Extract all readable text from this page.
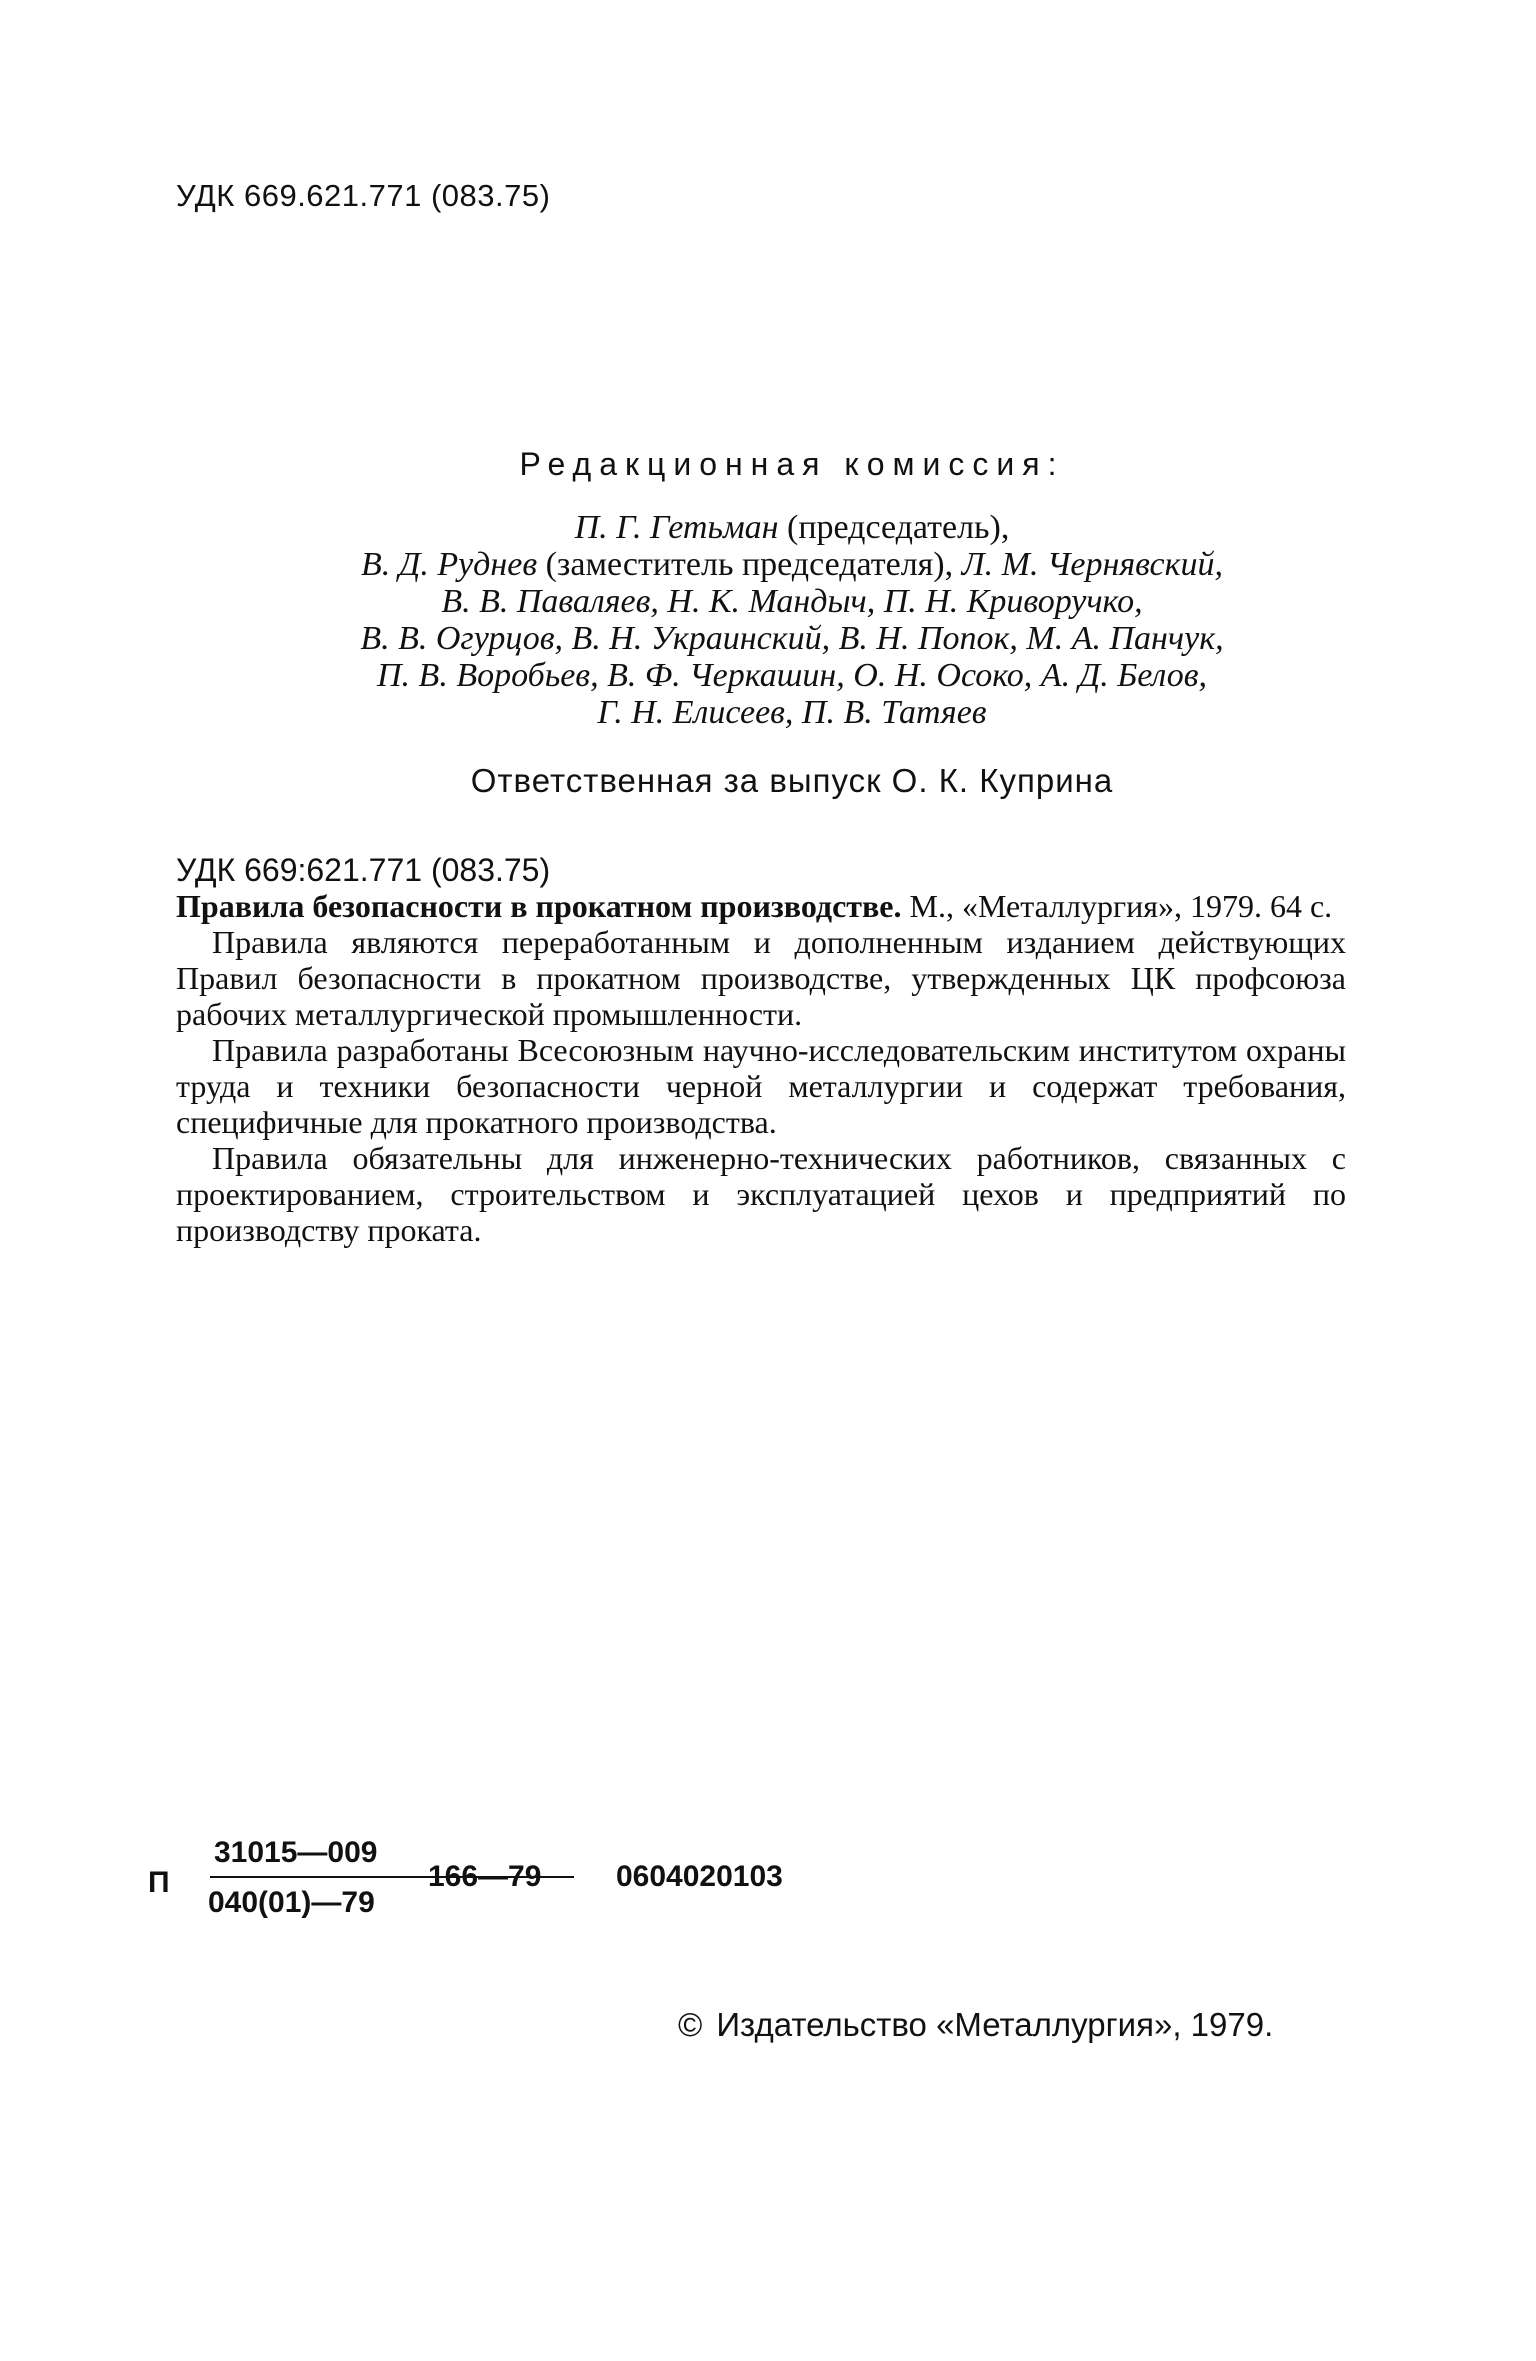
УДК 669.621.771 (083.75)
Редакционная комиссия:
П. Г. Гетьман (председатель),
В. Д. Руднев (заместитель председателя), Л. М. Чернявский,
В. В. Паваляев, Н. К. Мандыч, П. Н. Криворучко,
В. В. Огурцов, В. Н. Украинский, В. Н. Попок, М. А. Панчук,
П. В. Воробьев, В. Ф. Черкашин, О. Н. Осоко, А. Д. Белов,
Г. Н. Елисеев, П. В. Татяев
Ответственная за выпуск О. К. Куприна

УДК 669:621.771 (083.75)

Правила безопасности в прокатном производстве. М., «Металлургия», 1979. 64 с.

Правила являются переработанным и дополненным изданием действующих Правил безопасности в прокатном производстве, утвержденных ЦК профсоюза рабочих металлургической промышленности.

Правила разработаны Всесоюзным научно-исследовательским институтом охраны труда и техники безопасности черной металлургии и содержат требования, специфичные для прокатного производства.

Правила обязательны для инженерно-технических работников, связанных с проектированием, строительством и эксплуатацией цехов и предприятий по производству проката.

П
31015—009
040(01)—79
166—79 0604020103
© Издательство «Металлургия», 1979.
